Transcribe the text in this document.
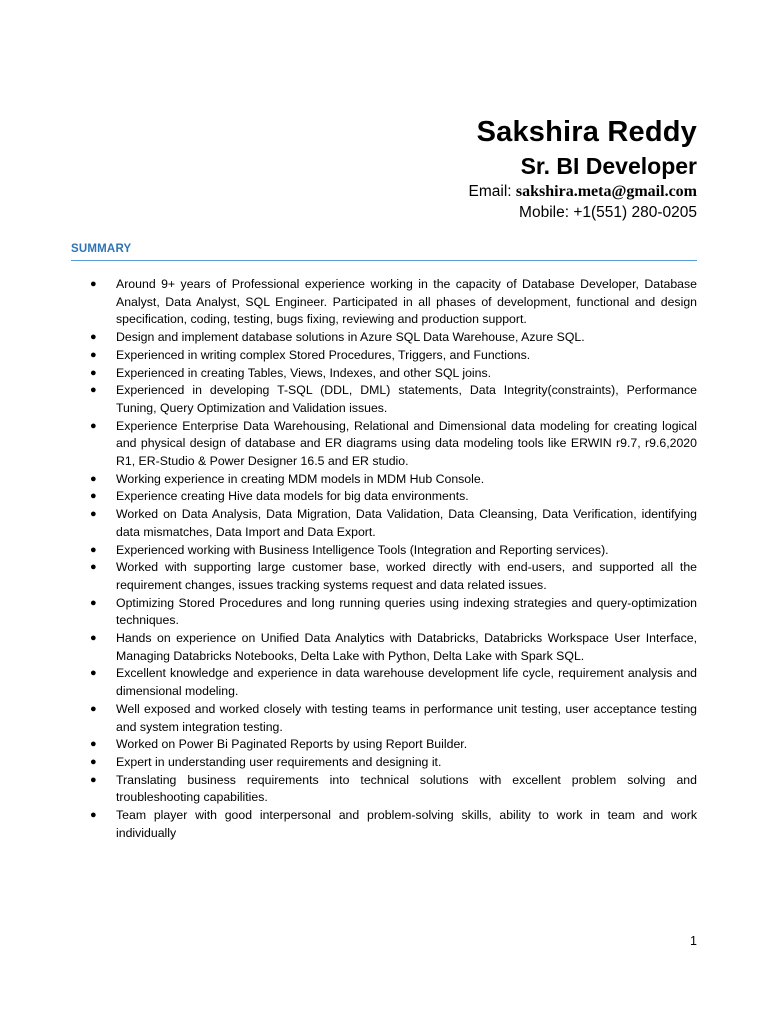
Sakshira Reddy
Sr. BI Developer
Email: sakshira.meta@gmail.com
Mobile: +1(551) 280-0205
SUMMARY
● Around 9+ years of Professional experience working in the capacity of Database Developer, Database Analyst, Data Analyst, SQL Engineer. Participated in all phases of development, functional and design specification, coding, testing, bugs fixing, reviewing and production support.
● Design and implement database solutions in Azure SQL Data Warehouse, Azure SQL.
● Experienced in writing complex Stored Procedures, Triggers, and Functions.
● Experienced in creating Tables, Views, Indexes, and other SQL joins.
● Experienced in developing T-SQL (DDL, DML) statements, Data Integrity(constraints), Performance Tuning, Query Optimization and Validation issues.
● Experience Enterprise Data Warehousing, Relational and Dimensional data modeling for creating logical and physical design of database and ER diagrams using data modeling tools like ERWIN r9.7, r9.6,2020 R1, ER-Studio & Power Designer 16.5 and ER studio.
● Working experience in creating MDM models in MDM Hub Console.
● Experience creating Hive data models for big data environments.
● Worked on Data Analysis, Data Migration, Data Validation, Data Cleansing, Data Verification, identifying data mismatches, Data Import and Data Export.
● Experienced working with Business Intelligence Tools (Integration and Reporting services).
● Worked with supporting large customer base, worked directly with end-users, and supported all the requirement changes, issues tracking systems request and data related issues.
● Optimizing Stored Procedures and long running queries using indexing strategies and query-optimization techniques.
● Hands on experience on Unified Data Analytics with Databricks, Databricks Workspace User Interface, Managing Databricks Notebooks, Delta Lake with Python, Delta Lake with Spark SQL.
● Excellent knowledge and experience in data warehouse development life cycle, requirement analysis and dimensional modeling.
● Well exposed and worked closely with testing teams in performance unit testing, user acceptance testing and system integration testing.
● Worked on Power Bi Paginated Reports by using Report Builder.
● Expert in understanding user requirements and designing it.
● Translating business requirements into technical solutions with excellent problem solving and troubleshooting capabilities.
● Team player with good interpersonal and problem-solving skills, ability to work in team and work individually
1
